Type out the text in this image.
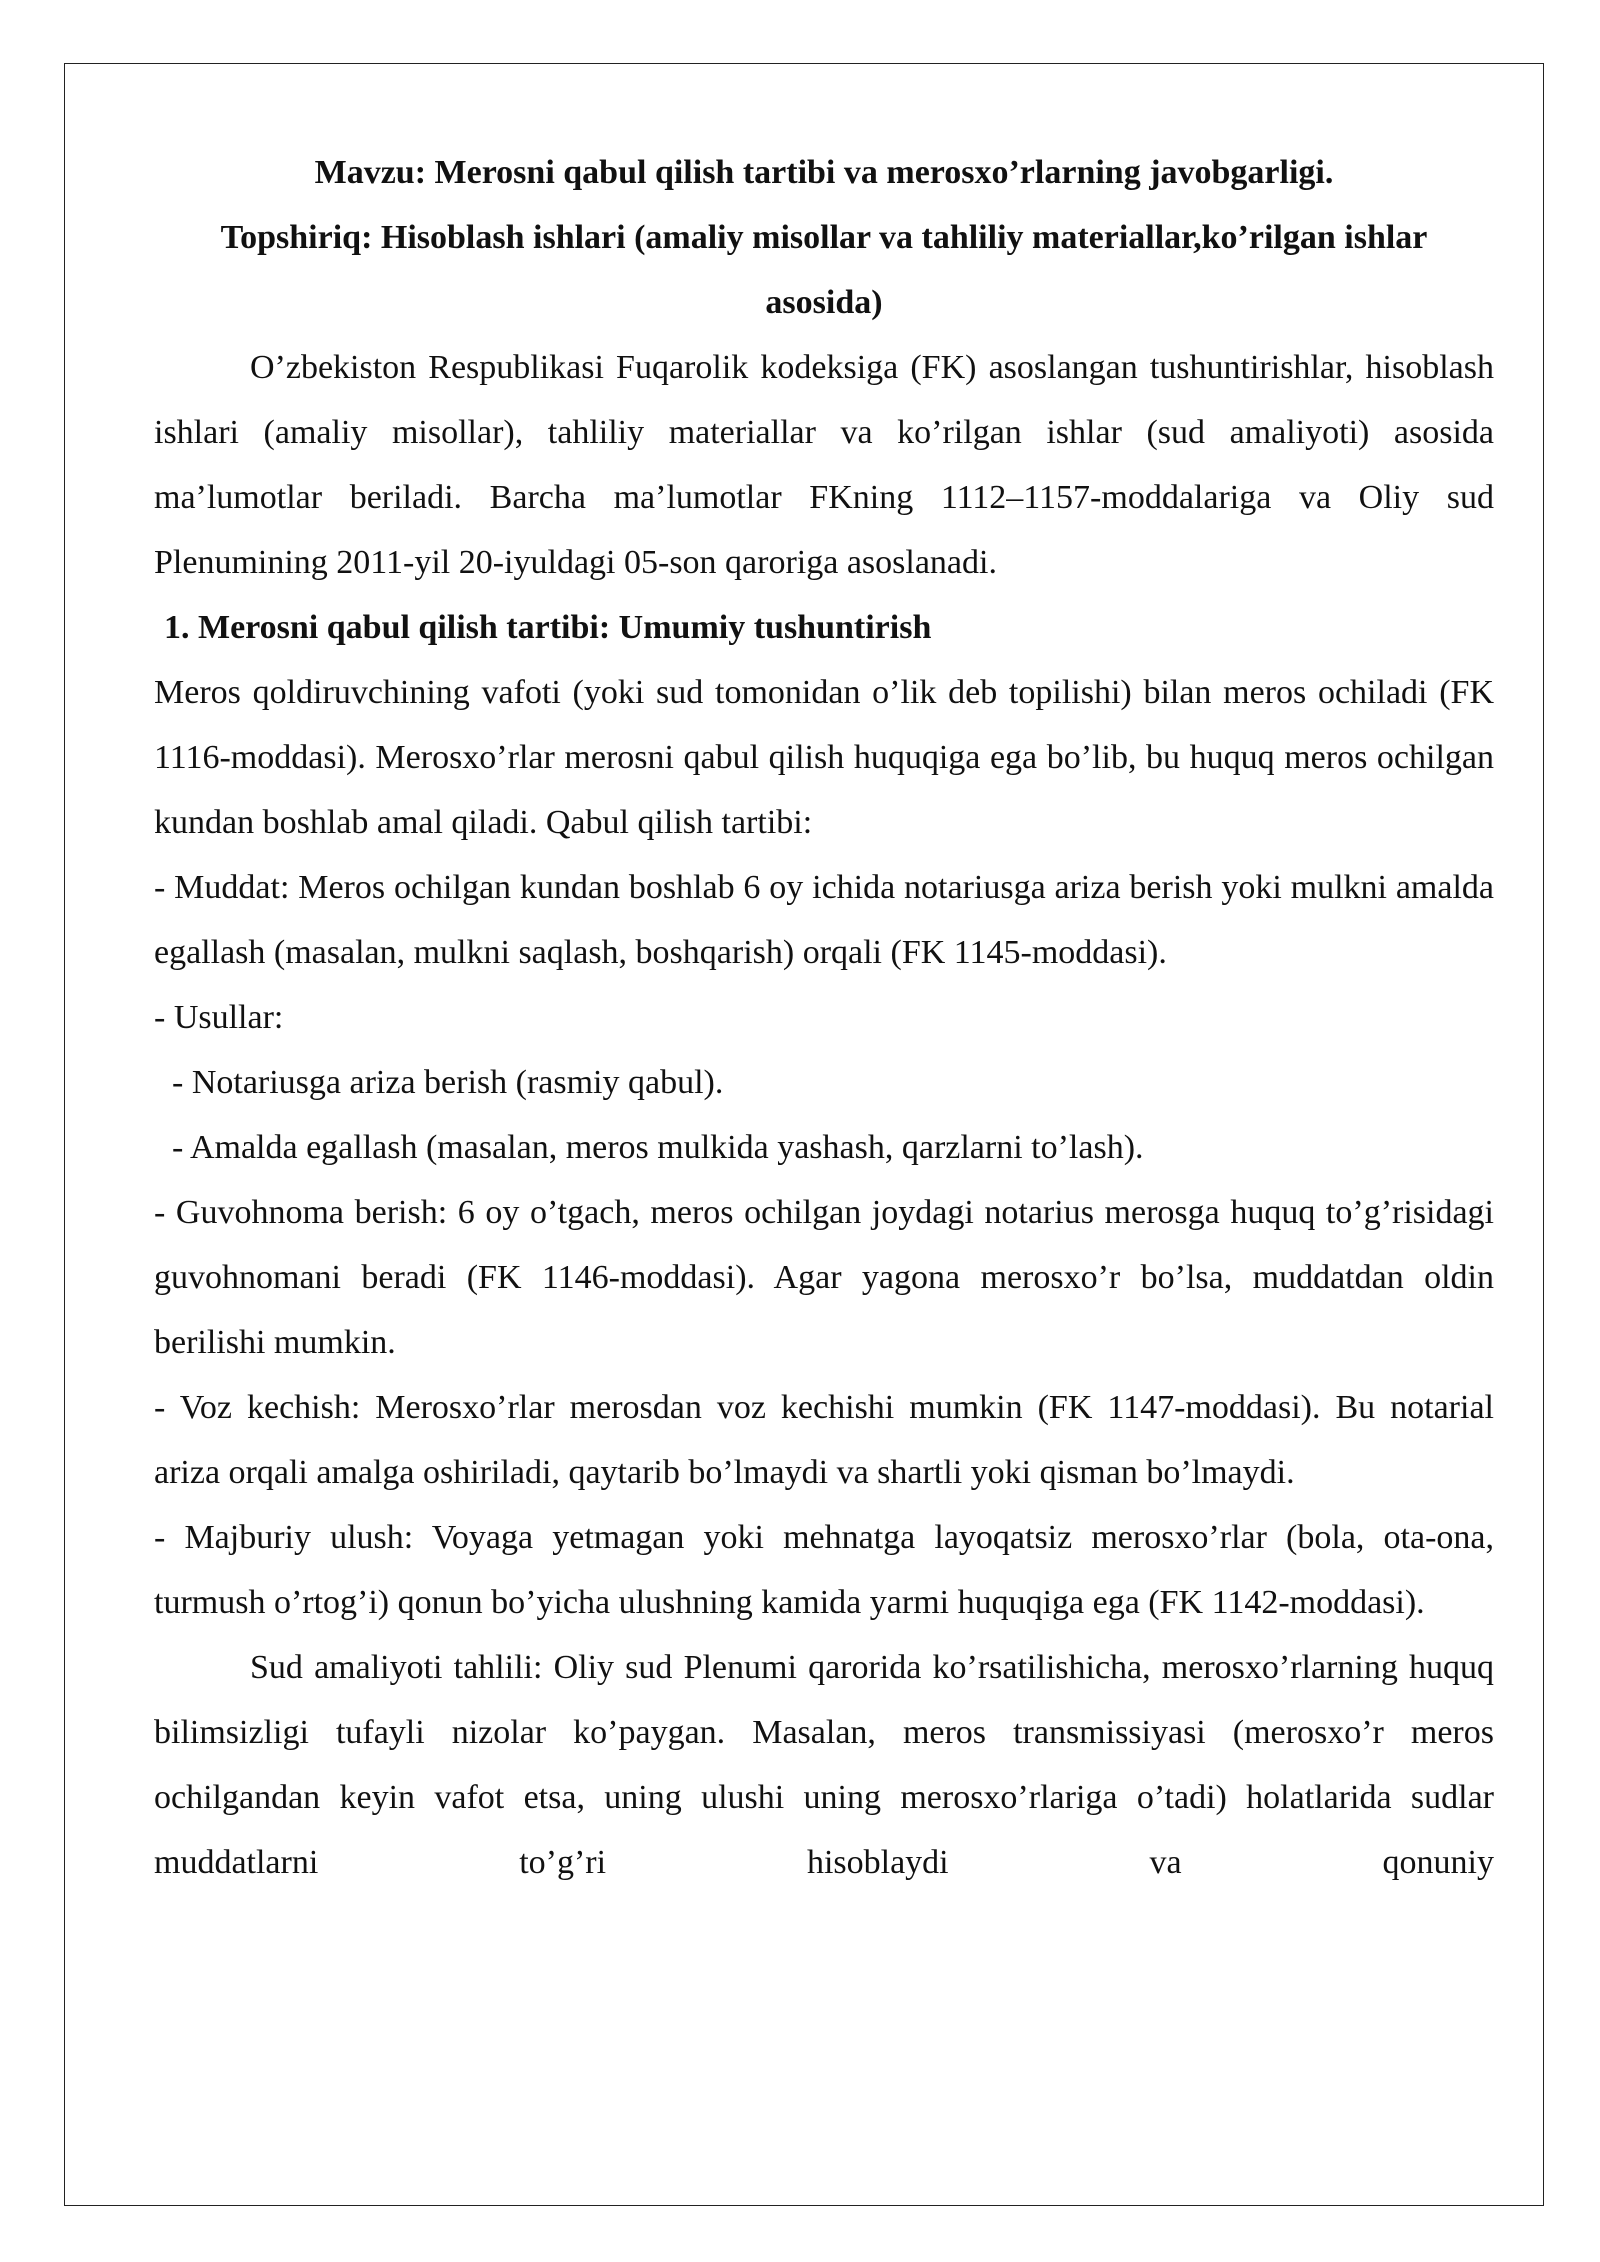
Mavzu: Merosni qabul qilish tartibi va merosxo’rlarning javobgarligi.

Topshiriq: Hisoblash ishlari (amaliy misollar va tahliliy materiallar,ko’rilgan ishlar asosida)

O’zbekiston Respublikasi Fuqarolik kodeksiga (FK) asoslangan tushuntirishlar, hisoblash ishlari (amaliy misollar), tahliliy materiallar va ko’rilgan ishlar (sud amaliyoti) asosida ma’lumotlar beriladi. Barcha ma’lumotlar FKning 1112–1157-moddalariga va Oliy sud Plenumining 2011-yil 20-iyuldagi 05-son qaroriga asoslanadi.

1. Merosni qabul qilish tartibi: Umumiy tushuntirish

Meros qoldiruvchining vafoti (yoki sud tomonidan o’lik deb topilishi) bilan meros ochiladi (FK 1116-moddasi). Merosxo’rlar merosni qabul qilish huquqiga ega bo’lib, bu huquq meros ochilgan kundan boshlab amal qiladi. Qabul qilish tartibi:

- Muddat: Meros ochilgan kundan boshlab 6 oy ichida notariusga ariza berish yoki mulkni amalda egallash (masalan, mulkni saqlash, boshqarish) orqali (FK 1145-moddasi).

- Usullar:

- Notariusga ariza berish (rasmiy qabul).

- Amalda egallash (masalan, meros mulkida yashash, qarzlarni to’lash).

- Guvohnoma berish: 6 oy o’tgach, meros ochilgan joydagi notarius merosga huquq to’g’risidagi guvohnomani beradi (FK 1146-moddasi). Agar yagona merosxo’r bo’lsa, muddatdan oldin berilishi mumkin.

- Voz kechish: Merosxo’rlar merosdan voz kechishi mumkin (FK 1147-moddasi). Bu notarial ariza orqali amalga oshiriladi, qaytarib bo’lmaydi va shartli yoki qisman bo’lmaydi.

- Majburiy ulush: Voyaga yetmagan yoki mehnatga layoqatsiz merosxo’rlar (bola, ota-ona, turmush o’rtog’i) qonun bo’yicha ulushning kamida yarmi huquqiga ega (FK 1142-moddasi).

Sud amaliyoti tahlili: Oliy sud Plenumi qarorida ko’rsatilishicha, merosxo’rlarning huquq bilimsizligi tufayli nizolar ko’paygan. Masalan, meros transmissiyasi (merosxo’r meros ochilgandan keyin vafot etsa, uning ulushi uning merosxo’rlariga o’tadi) holatlarida sudlar muddatlarni to’g’ri hisoblaydi va qonuniy
